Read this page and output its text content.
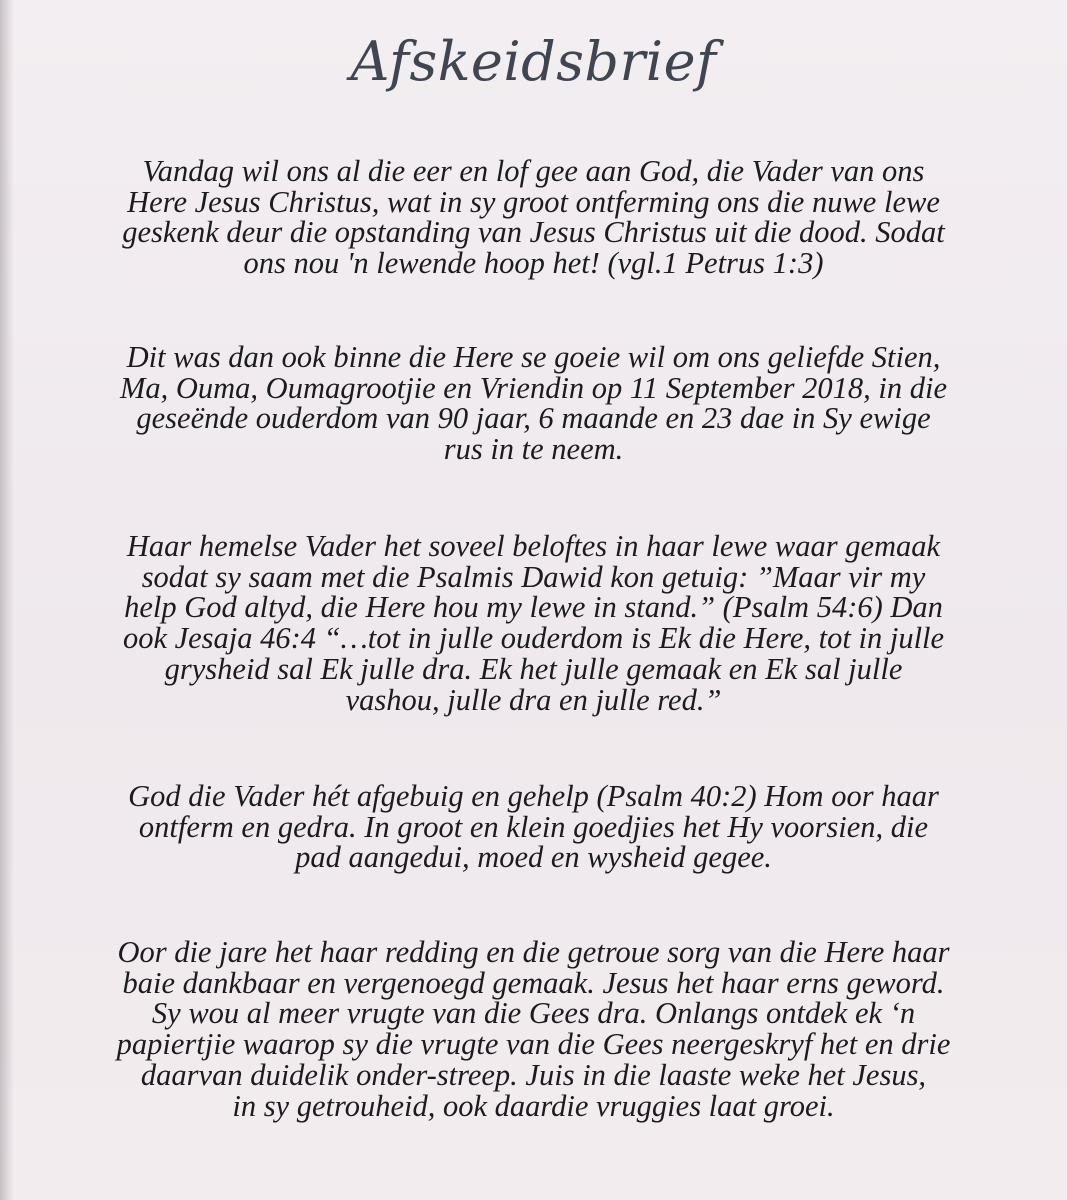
Afskeidsbrief
Vandag wil ons al die eer en lof gee aan God, die Vader van ons
Here Jesus Christus, wat in sy groot ontferming ons die nuwe lewe
geskenk deur die opstanding van Jesus Christus uit die dood. Sodat
ons nou 'n lewende hoop het! (vgl.1 Petrus 1:3)
Dit was dan ook binne die Here se goeie wil om ons geliefde Stien,
Ma, Ouma, Oumagrootjie en Vriendin op 11 September 2018, in die
geseënde ouderdom van 90 jaar, 6 maande en 23 dae in Sy ewige
rus in te neem.
Haar hemelse Vader het soveel beloftes in haar lewe waar gemaak
sodat sy saam met die Psalmis Dawid kon getuig: ”Maar vir my
help God altyd, die Here hou my lewe in stand.” (Psalm 54:6) Dan
ook Jesaja 46:4 “…tot in julle ouderdom is Ek die Here, tot in julle
grysheid sal Ek julle dra. Ek het julle gemaak en Ek sal julle
vashou, julle dra en julle red.”
God die Vader hét afgebuig en gehelp (Psalm 40:2) Hom oor haar
ontferm en gedra. In groot en klein goedjies het Hy voorsien, die
pad aangedui, moed en wysheid gegee.
Oor die jare het haar redding en die getroue sorg van die Here haar
baie dankbaar en vergenoegd gemaak. Jesus het haar erns geword.
Sy wou al meer vrugte van die Gees dra. Onlangs ontdek ek ‘n
papiertjie waarop sy die vrugte van die Gees neergeskryf het en drie
daarvan duidelik onder-streep. Juis in die laaste weke het Jesus,
in sy getrouheid, ook daardie vruggies laat groei.
